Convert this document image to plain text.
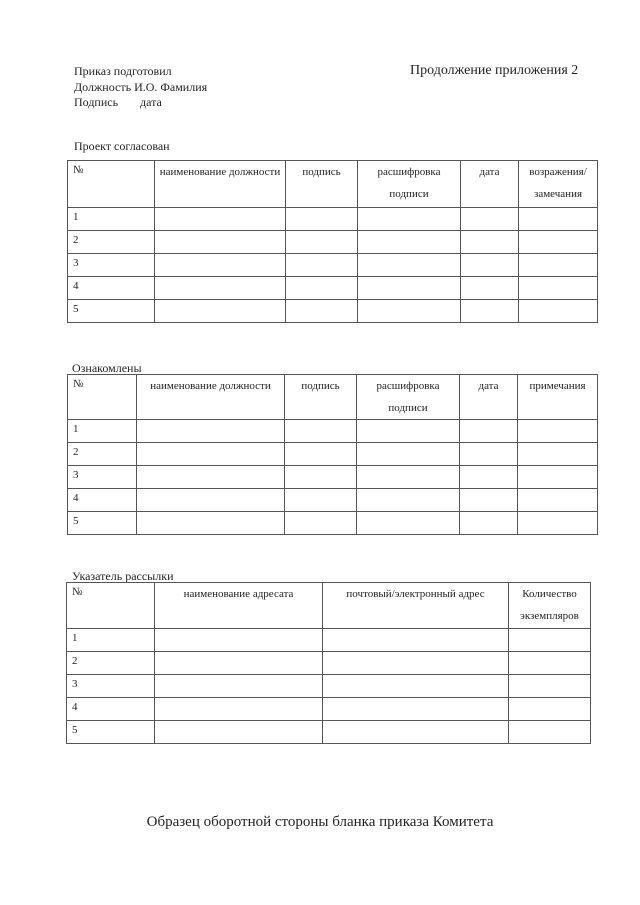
Приказ подготовил
Должность И.О. Фамилия
Подпись дата
Продолжение приложения 2
Проект согласован
№	наименование должности	подпись	расшифровка подписи	дата	возражения/ замечания

1					
2					
3					
4					
5					
Ознакомлены
№	наименование должности	подпись	расшифровка подписи	дата	примечания

1					
2					
3					
4					
5					
Указатель рассылки
№	наименование адресата	почтовый/электронный адрес	Количество экземпляров

1			
2			
3			
4			
5			
Образец оборотной стороны бланка приказа Комитета
